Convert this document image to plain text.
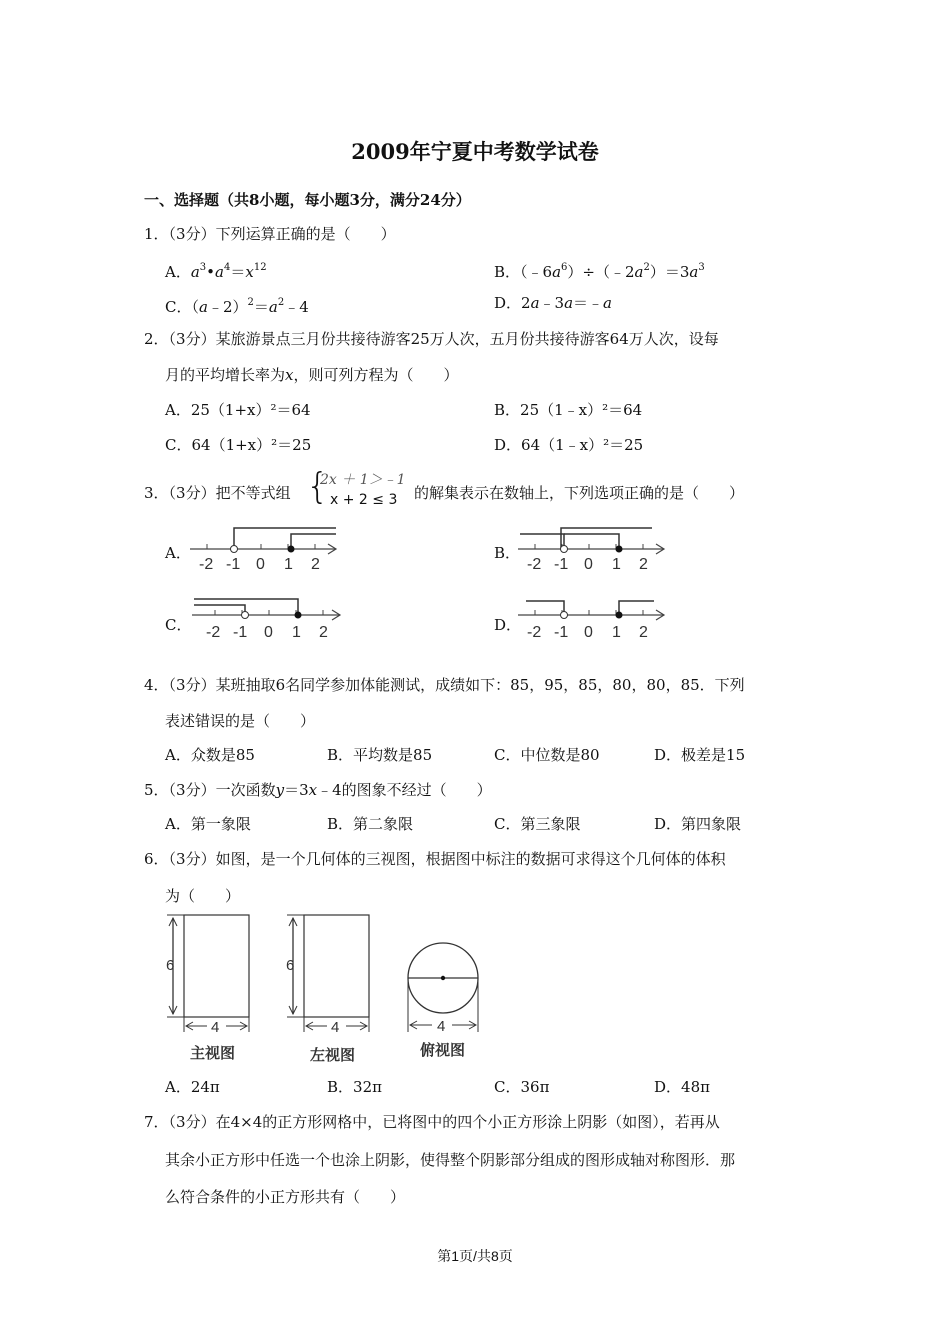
2009年宁夏中考数学试卷
一、选择题（共8小题，每小题3分，满分24分）
1．（3分）下列运算正确的是（　　）
A．$a^3•a^4=x^{12}$	B．$(﹣6a^6)\div(﹣2a^2)=3a^3$
C．$(a﹣2)^2=a^2﹣4$	D．2a﹣3a＝﹣a
2．（3分）某旅游景点三月份共接待游客25万人次，五月份共接待游客64万人次，设每
月的平均增长率为x，则可列方程为（　　）
A．25（1+x）²＝64	B．25（1﹣x）²＝64
C．64（1+x）²＝25	D．64（1﹣x）²＝25
3．（3分）把不等式组 {
2x ＋ 1＞﹣1
x + 2 ≤ 3 的解集表示在数轴上，下列选项正确的是（　　）
A．	B．
C．	D．
-2 -1 0 1 2	-2 -1 0 1 2
-2 -1 0 1 2	-2 -1 0 1 2
4．（3分）某班抽取6名同学参加体能测试，成绩如下：85，95，85，80，80，85．下列
表述错误的是（　　）
A．众数是85	B．平均数是85	C．中位数是80	D．极差是15
5．（3分）一次函数y＝3x﹣4的图象不经过（　　）
A．第一象限	B．第二象限	C．第三象限	D．第四象限
6．（3分）如图，是一个几何体的三视图，根据图中标注的数据可求得这个几何体的体积
为（　　）
6
4
主视图
6
4
左视图
4
俯视图
A．24π	B．32π	C．36π	D．48π
7．（3分）在4×4的正方形网格中，已将图中的四个小正方形涂上阴影（如图），若再从
其余小正方形中任选一个也涂上阴影，使得整个阴影部分组成的图形成轴对称图形．那
么符合条件的小正方形共有（　　）
第1页/共8页
